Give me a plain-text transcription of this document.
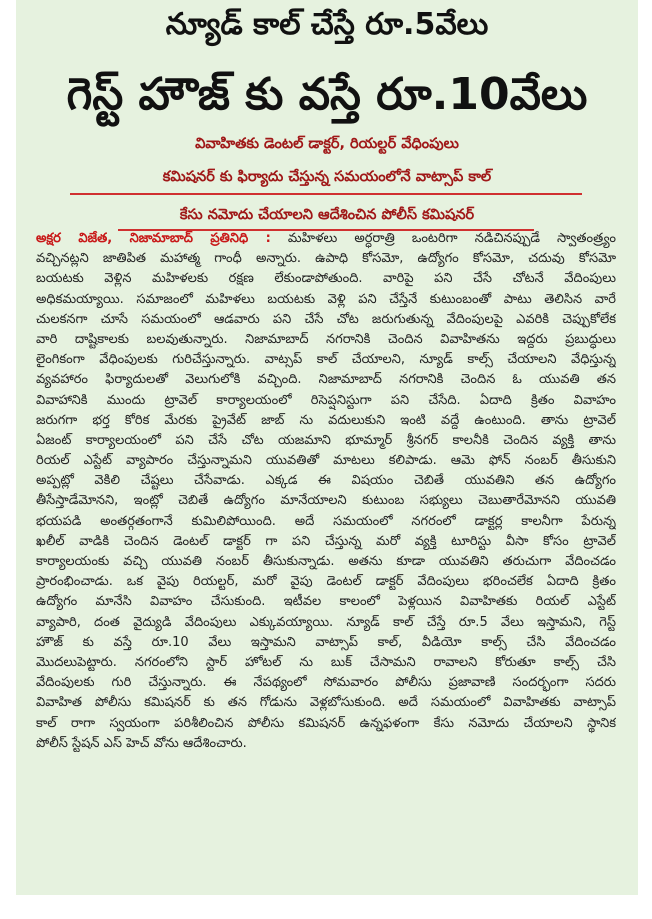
న్యూడ్ కాల్ చేస్తే రూ.5వేలు
గెస్ట్ హౌజ్ కు వస్తే రూ.10వేలు
వివాహితకు డెంటల్ డాక్టర్, రియల్టర్ వేధింపులు
కమిషనర్ కు ఫిర్యాదు చేస్తున్న సమయంలోనే వాట్సాప్ కాల్
కేసు నమోదు చేయాలని ఆదేశించిన పోలీస్ కమిషనర్
అక్షర విజేత, నిజామాబాద్ ప్రతినిధి : మహిళలు అర్ధరాత్రి ఒంటరిగా నడిచినప్పుడే స్వాతంత్ర్యం
వచ్చినట్లని జాతిపిత మహాత్మ గాంధీ అన్నారు. ఉపాధి కోసమో, ఉద్యోగం కోసమో, చదువు కోసమో
బయటకు వెళ్లిన మహిళలకు రక్షణ లేకుండాపోతుంది. వారిపై పని చేసే చోటనే వేదింపులు
అధికమయ్యాయి. సమాజంలో మహిళలు బయటకు వెళ్లి పని చేస్తేనే కుటుంబంతో పాటు తెలిసిన వారే
చులకనగా చూసే సమయంలో ఆడవారు పని చేసే చోట జరుగుతున్న వేదింపులపై ఎవరికి చెప్పుకోలేక
వారి దాష్టికాలకు బలవుతున్నారు. నిజామాబాద్ నగరానికి చెందిన వివాహితను ఇద్దరు ప్రబుద్ధులు
లైంగికంగా వేధింపులకు గురిచేస్తున్నారు. వాట్సప్ కాల్ చేయాలని, న్యూడ్ కాల్స్ చేయాలని వేధిస్తున్న
వ్యవహారం ఫిర్యాదులతో వెలుగులోకి వచ్చింది. నిజామాబాద్ నగరానికి చెందిన ఓ యువతి తన
వివాహానికి ముందు ట్రావెల్ కార్యాలయంలో రిసెప్షనిస్టుగా పని చేసేది. ఏదాది క్రితం వివాహం
జరుగగా భర్త కోరిక మేరకు ప్రైవేట్ జాబ్ ను వదులుకుని ఇంటి వద్దే ఉంటుంది. తాను ట్రావెల్
ఏజంట్ కార్యాలయంలో పని చేసే చోట యజమాని భూమ్మార్ శ్రీనగర్ కాలనీకి చెందిన వ్యక్తి తాను
రియల్ ఎస్టేట్ వ్యాపారం చేస్తున్నామని యువతితో మాటలు కలిపాడు. ఆమె ఫోన్ నంబర్ తీసుకుని
అప్పట్లో వెకిలి చేష్టలు చేసేవాడు. ఎక్కడ ఈ విషయం చెబితే యువతిని తన ఉద్యోగం
తీసేస్తాడేమోనని, ఇంట్లో చెబితే ఉద్యోగం మానేయాలని కుటుంబ సభ్యులు చెబుతారేమోనని యువతి
భయపడి అంతర్గతంగానే కుమిలిపోయింది. అదే సమయంలో నగరంలో డాక్టర్ల కాలనీగా పేరున్న
ఖలీల్ వాడికి చెందిన డెంటల్ డాక్టర్ గా పని చేస్తున్న మరో వ్యక్తి టూరిస్టు వీసా కోసం ట్రావెల్
కార్యాలయంకు వచ్చి యువతి నంబర్ తీసుకున్నాడు. అతను కూడా యువతిని తరుచుగా వేదించడం
ప్రారంభించాడు. ఒక వైపు రియల్టర్, మరో వైపు డెంటల్ డాక్టర్ వేదింపులు భరించలేక ఏదాది క్రితం
ఉద్యోగం మానేసి వివాహం చేసుకుంది. ఇటీవల కాలంలో పెళ్లయిన వివాహితకు రియల్ ఎస్టేట్
వ్యాపారి, దంత వైద్యుడి వేదింపులు ఎక్కువయ్యాయి. న్యూడ్ కాల్ చేస్తే రూ.5 వేలు ఇస్తామని, గెస్ట్
హౌజ్ కు వస్తే రూ.10 వేలు ఇస్తామని వాట్సాప్ కాల్, వీడియో కాల్స్ చేసి వేదించడం
మొదలుపెట్టారు. నగరంలోని స్టార్ హోటల్ ను బుక్ చేసామని రావాలని కోరుతూ కాల్స్ చేసి
వేదింపులకు గురి చేస్తున్నారు. ఈ నేపథ్యంలో సోమవారం పోలీసు ప్రజావాణి సందర్భంగా సదరు
వివాహిత పోలీసు కమిషనర్ కు తన గోడును వెళ్లబోసుకుంది. అదే సమయంలో వివాహితకు వాట్సాప్
కాల్ రాగా స్వయంగా పరిశీలించిన పోలీసు కమిషనర్ ఉన్నఫళంగా కేసు నమోదు చేయాలని స్థానిక
పోలీస్ స్టేషన్ ఎస్ హెచ్ వోను ఆదేశించారు.
